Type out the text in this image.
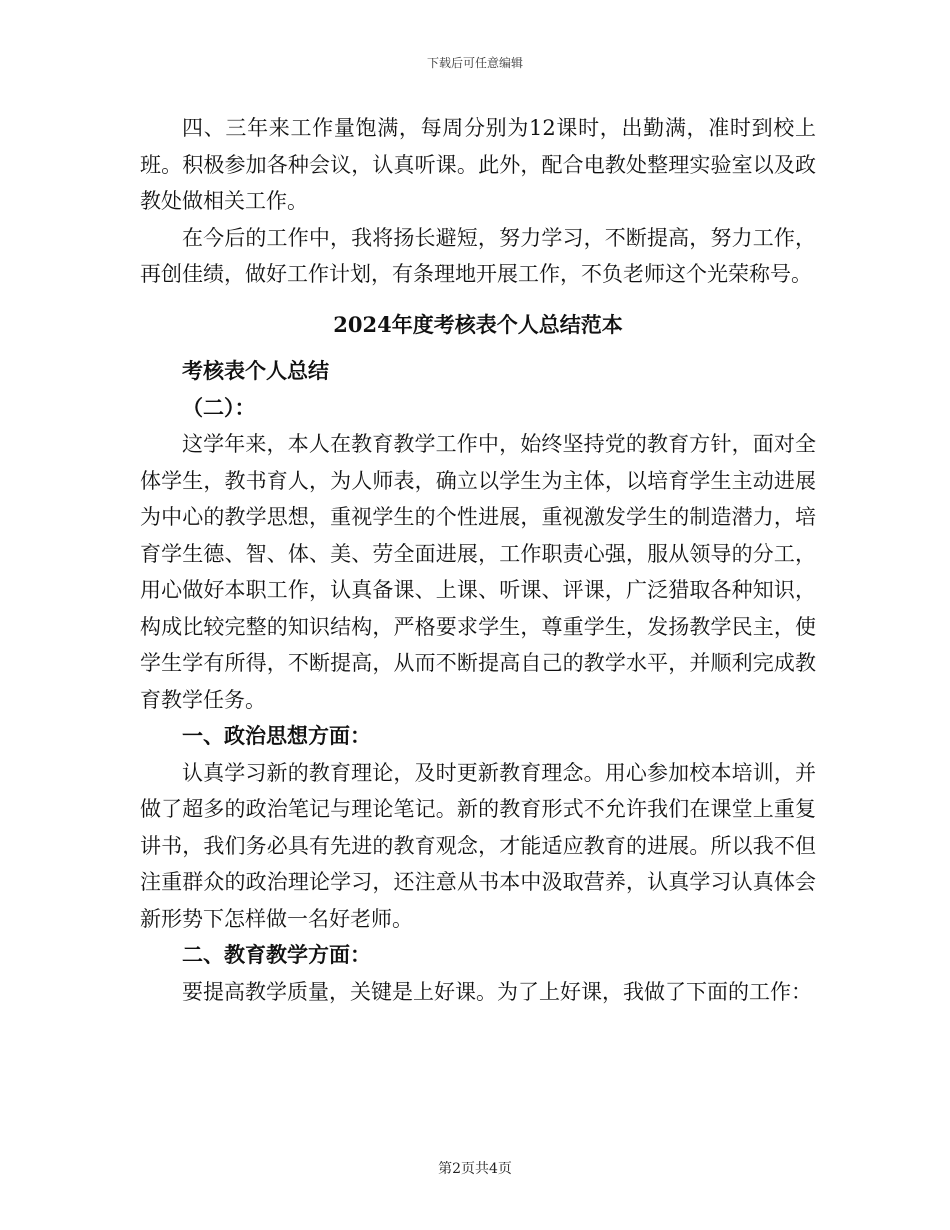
下载后可任意编辑

四、三年来工作量饱满，每周分别为12课时，出勤满，准时到校上班。积极参加各种会议，认真听课。此外，配合电教处整理实验室以及政教处做相关工作。

在今后的工作中，我将扬长避短，努力学习，不断提高，努力工作，再创佳绩，做好工作计划，有条理地开展工作，不负老师这个光荣称号。

2024年度考核表个人总结范本

考核表个人总结

（二）：

这学年来，本人在教育教学工作中，始终坚持党的教育方针，面对全体学生，教书育人，为人师表，确立以学生为主体，以培育学生主动进展为中心的教学思想，重视学生的个性进展，重视激发学生的制造潜力，培育学生德、智、体、美、劳全面进展，工作职责心强，服从领导的分工，用心做好本职工作，认真备课、上课、听课、评课，广泛猎取各种知识，构成比较完整的知识结构，严格要求学生，尊重学生，发扬教学民主，使学生学有所得，不断提高，从而不断提高自己的教学水平，并顺利完成教育教学任务。

一、政治思想方面：

认真学习新的教育理论，及时更新教育理念。用心参加校本培训，并做了超多的政治笔记与理论笔记。新的教育形式不允许我们在课堂上重复讲书，我们务必具有先进的教育观念，才能适应教育的进展。所以我不但注重群众的政治理论学习，还注意从书本中汲取营养，认真学习认真体会新形势下怎样做一名好老师。

二、教育教学方面：

要提高教学质量，关键是上好课。为了上好课，我做了下面的工作：

第2页共4页
